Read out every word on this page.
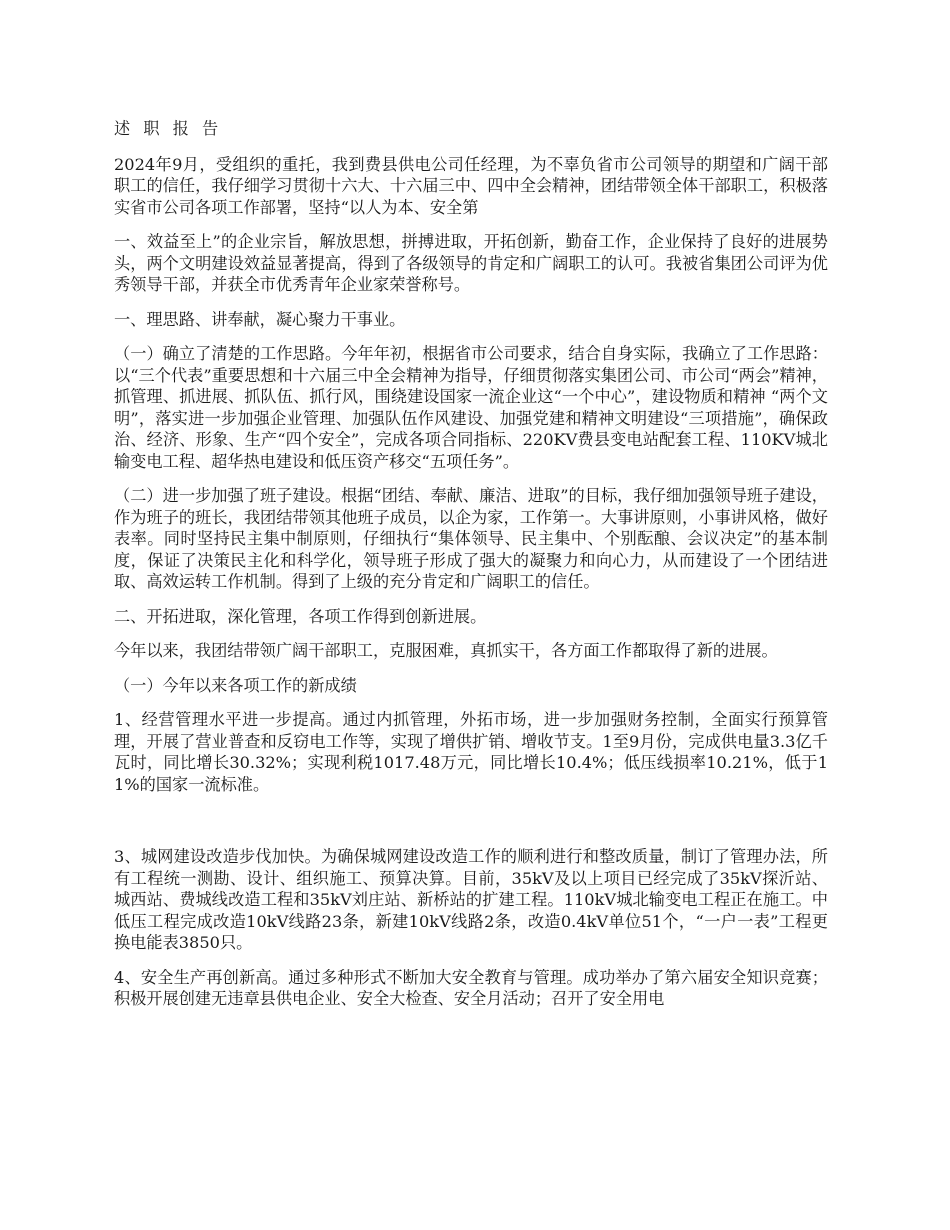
述 职 报 告

2024年9月，受组织的重托，我到费县供电公司任经理，为不辜负省市公司领导的期望和广阔干部职工的信任，我仔细学习贯彻十六大、十六届三中、四中全会精神，团结带领全体干部职工，积极落实省市公司各项工作部署，坚持“以人为本、安全第

一、效益至上”的企业宗旨，解放思想，拼搏进取，开拓创新，勤奋工作，企业保持了良好的进展势头，两个文明建设效益显著提高，得到了各级领导的肯定和广阔职工的认可。我被省集团公司评为优秀领导干部，并获全市优秀青年企业家荣誉称号。

一、理思路、讲奉献，凝心聚力干事业。

（一）确立了清楚的工作思路。今年年初，根据省市公司要求，结合自身实际，我确立了工作思路：以“三个代表”重要思想和十六届三中全会精神为指导，仔细贯彻落实集团公司、市公司“两会”精神，抓管理、抓进展、抓队伍、抓行风，围绕建设国家一流企业这“一个中心”，建设物质和精神 “两个文明”，落实进一步加强企业管理、加强队伍作风建设、加强党建和精神文明建设“三项措施”，确保政治、经济、形象、生产“四个安全”，完成各项合同指标、220KV费县变电站配套工程、110KV城北输变电工程、超华热电建设和低压资产移交“五项任务”。

（二）进一步加强了班子建设。根据“团结、奉献、廉洁、进取”的目标，我仔细加强领导班子建设，作为班子的班长，我团结带领其他班子成员，以企为家，工作第一。大事讲原则，小事讲风格，做好表率。同时坚持民主集中制原则，仔细执行“集体领导、民主集中、个别酝酿、会议决定”的基本制度，保证了决策民主化和科学化，领导班子形成了强大的凝聚力和向心力，从而建设了一个团结进取、高效运转工作机制。得到了上级的充分肯定和广阔职工的信任。

二、开拓进取，深化管理，各项工作得到创新进展。

今年以来，我团结带领广阔干部职工，克服困难，真抓实干，各方面工作都取得了新的进展。

（一）今年以来各项工作的新成绩

1、经营管理水平进一步提高。通过内抓管理，外拓市场，进一步加强财务控制，全面实行预算管理，开展了营业普查和反窃电工作等，实现了增供扩销、增收节支。1至9月份，完成供电量3.3亿千瓦时，同比增长30.32%；实现利税1017.48万元，同比增长10.4%；低压线损率10.21%，低于11%的国家一流标准。

3、城网建设改造步伐加快。为确保城网建设改造工作的顺利进行和整改质量，制订了管理办法，所有工程统一测勘、设计、组织施工、预算决算。目前，35kV及以上项目已经完成了35kV探沂站、城西站、费城线改造工程和35kV刘庄站、新桥站的扩建工程。110kV城北输变电工程正在施工。中低压工程完成改造10kV线路23条，新建10kV线路2条，改造0.4kV单位51个，“一户一表”工程更换电能表3850只。

4、安全生产再创新高。通过多种形式不断加大安全教育与管理。成功举办了第六届安全知识竞赛；积极开展创建无违章县供电企业、安全大检查、安全月活动；召开了安全用电
